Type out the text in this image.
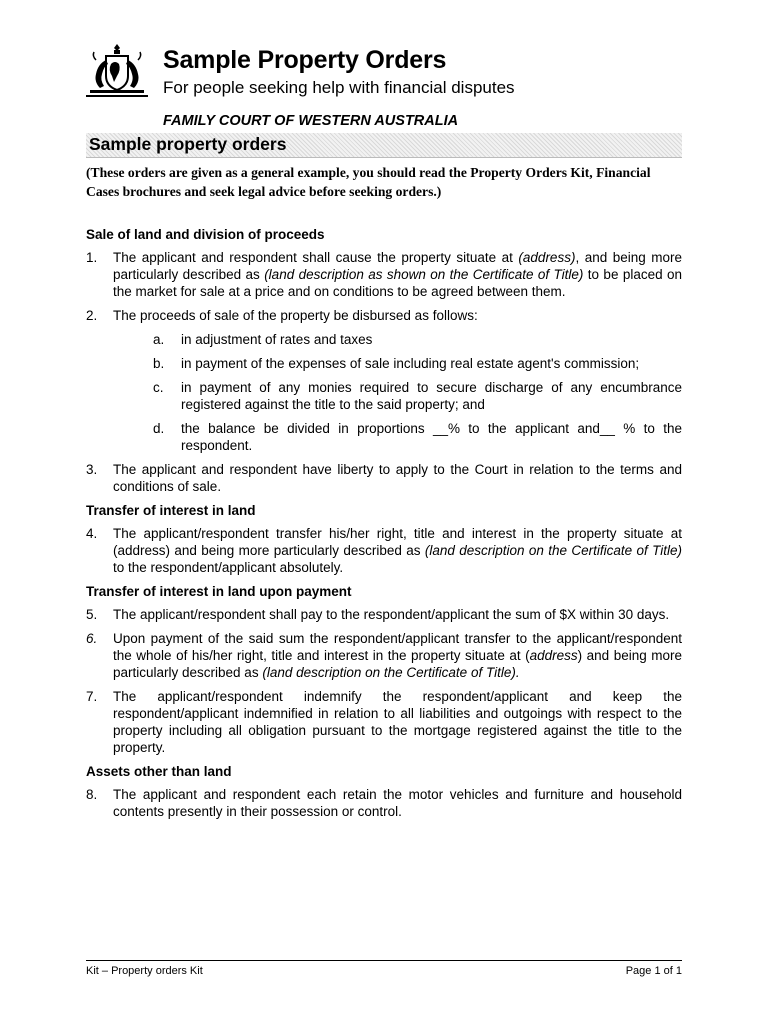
Sample Property Orders
For people seeking help with financial disputes
FAMILY COURT OF WESTERN AUSTRALIA
Sample property orders
(These orders are given as a general example, you should read the Property Orders Kit, Financial Cases brochures and seek legal advice before seeking orders.)
Sale of land and division of proceeds
1.	The applicant and respondent shall cause the property situate at (address), and being more particularly described as (land description as shown on the Certificate of Title) to be placed on the market for sale at a price and on conditions to be agreed between them.
2.	The proceeds of sale of the property be disbursed as follows:
a.	in adjustment of rates and taxes
b.	in payment of the expenses of sale including real estate agent's commission;
c.	in payment of any monies required to secure discharge of any encumbrance registered against the title to the said property; and
d.	the balance be divided in proportions __% to the applicant and__ % to the respondent.
3.	The applicant and respondent have liberty to apply to the Court in relation to the terms and conditions of sale.
Transfer of interest in land
4.	The applicant/respondent transfer his/her right, title and interest in the property situate at (address) and being more particularly described as (land description on the Certificate of Title) to the respondent/applicant absolutely.
Transfer of interest in land upon payment
5.	The applicant/respondent shall pay to the respondent/applicant the sum of $X within 30 days.
6.	Upon payment of the said sum the respondent/applicant transfer to the applicant/respondent the whole of his/her right, title and interest in the property situate at (address) and being more particularly described as (land description on the Certificate of Title).
7.	The applicant/respondent indemnify the respondent/applicant and keep the respondent/applicant indemnified in relation to all liabilities and outgoings with respect to the property including all obligation pursuant to the mortgage registered against the title to the property.
Assets other than land
8.	The applicant and respondent each retain the motor vehicles and furniture and household contents presently in their possession or control.
Kit – Property orders Kit	Page 1 of 1
